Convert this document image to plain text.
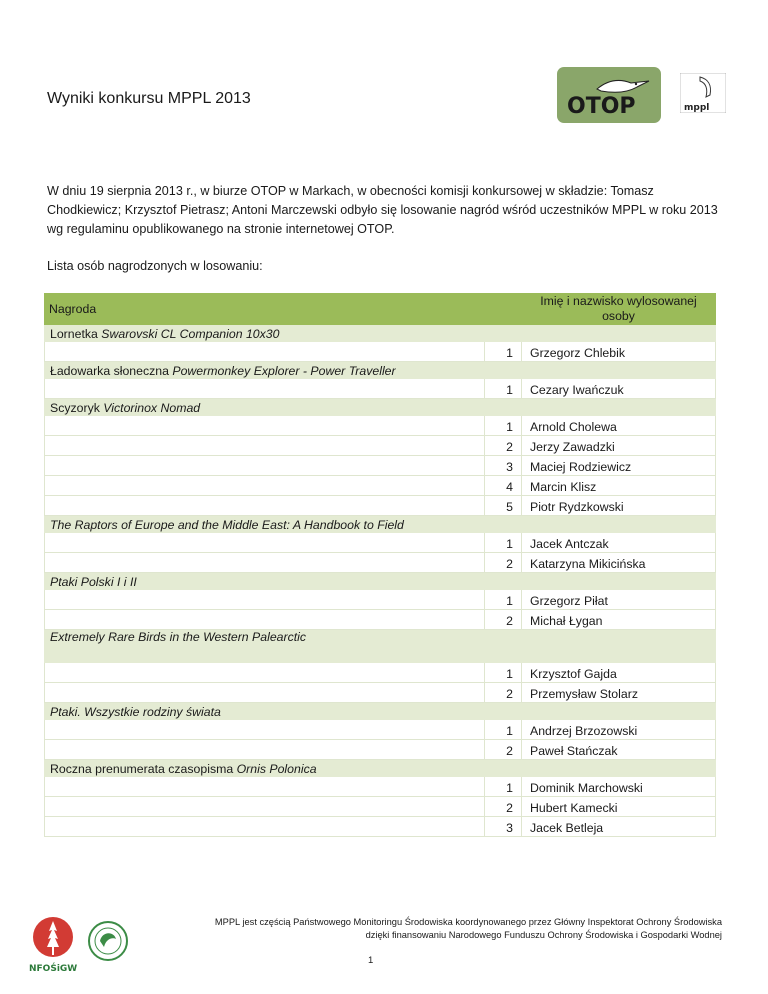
Wyniki konkursu MPPL 2013	OTOP	mppl
W dniu 19 sierpnia 2013 r., w biurze OTOP w Markach, w obecności komisji konkursowej w składzie: Tomasz Chodkiewicz; Krzysztof Pietrasz; Antoni Marczewski odbyło się losowanie nagród wśród uczestników MPPL w roku 2013 wg regulaminu opublikowanego na stronie internetowej OTOP.
Lista osób nagrodzonych w losowaniu:
Nagroda		Imię i nazwisko wylosowanej osoby
Lornetka Swarovski CL Companion 10x30		
	1	Grzegorz Chlebik
Ładowarka słoneczna Powermonkey Explorer - Power Traveller		
	1	Cezary Iwańczuk
Scyzoryk Victorinox Nomad		
	1	Arnold Cholewa
	2	Jerzy Zawadzki
	3	Maciej Rodziewicz
	4	Marcin Klisz
	5	Piotr Rydzkowski
The Raptors of Europe and the Middle East: A Handbook to Field		
	1	Jacek Antczak
	2	Katarzyna Mikicińska
Ptaki Polski I i II		
	1	Grzegorz Piłat
	2	Michał Łygan
Extremely Rare Birds in the Western Palearctic		
	1	Krzysztof Gajda
	2	Przemysław Stolarz
Ptaki. Wszystkie rodziny świata		
	1	Andrzej Brzozowski
	2	Paweł Stańczak
Roczna prenumerata czasopisma Ornis Polonica		
	1	Dominik Marchowski
	2	Hubert Kamecki
	3	Jacek Betleja
NFOŚiGW
MPPL jest częścią Państwowego Monitoringu Środowiska koordynowanego przez Główny Inspektorat Ochrony Środowiska
dzięki finansowaniu Narodowego Funduszu Ochrony Środowiska i Gospodarki Wodnej
1
